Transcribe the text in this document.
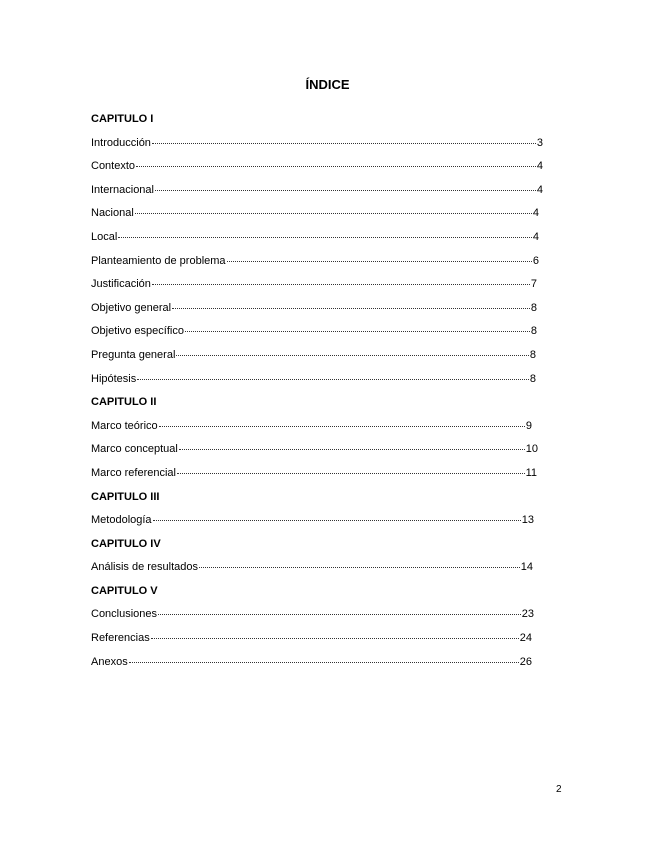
ÍNDICE
CAPITULO I
Introducción	3
Contexto	4
Internacional	4
Nacional	4
Local	4
Planteamiento de problema	6
Justificación	7
Objetivo general	8
Objetivo específico	8
Pregunta general	8
Hipótesis	8
CAPITULO II
Marco teórico	9
Marco conceptual	10
Marco referencial	11
CAPITULO III
Metodología	13
CAPITULO IV
Análisis de resultados	14
CAPITULO V
Conclusiones	23
Referencias	24
Anexos	26
2
